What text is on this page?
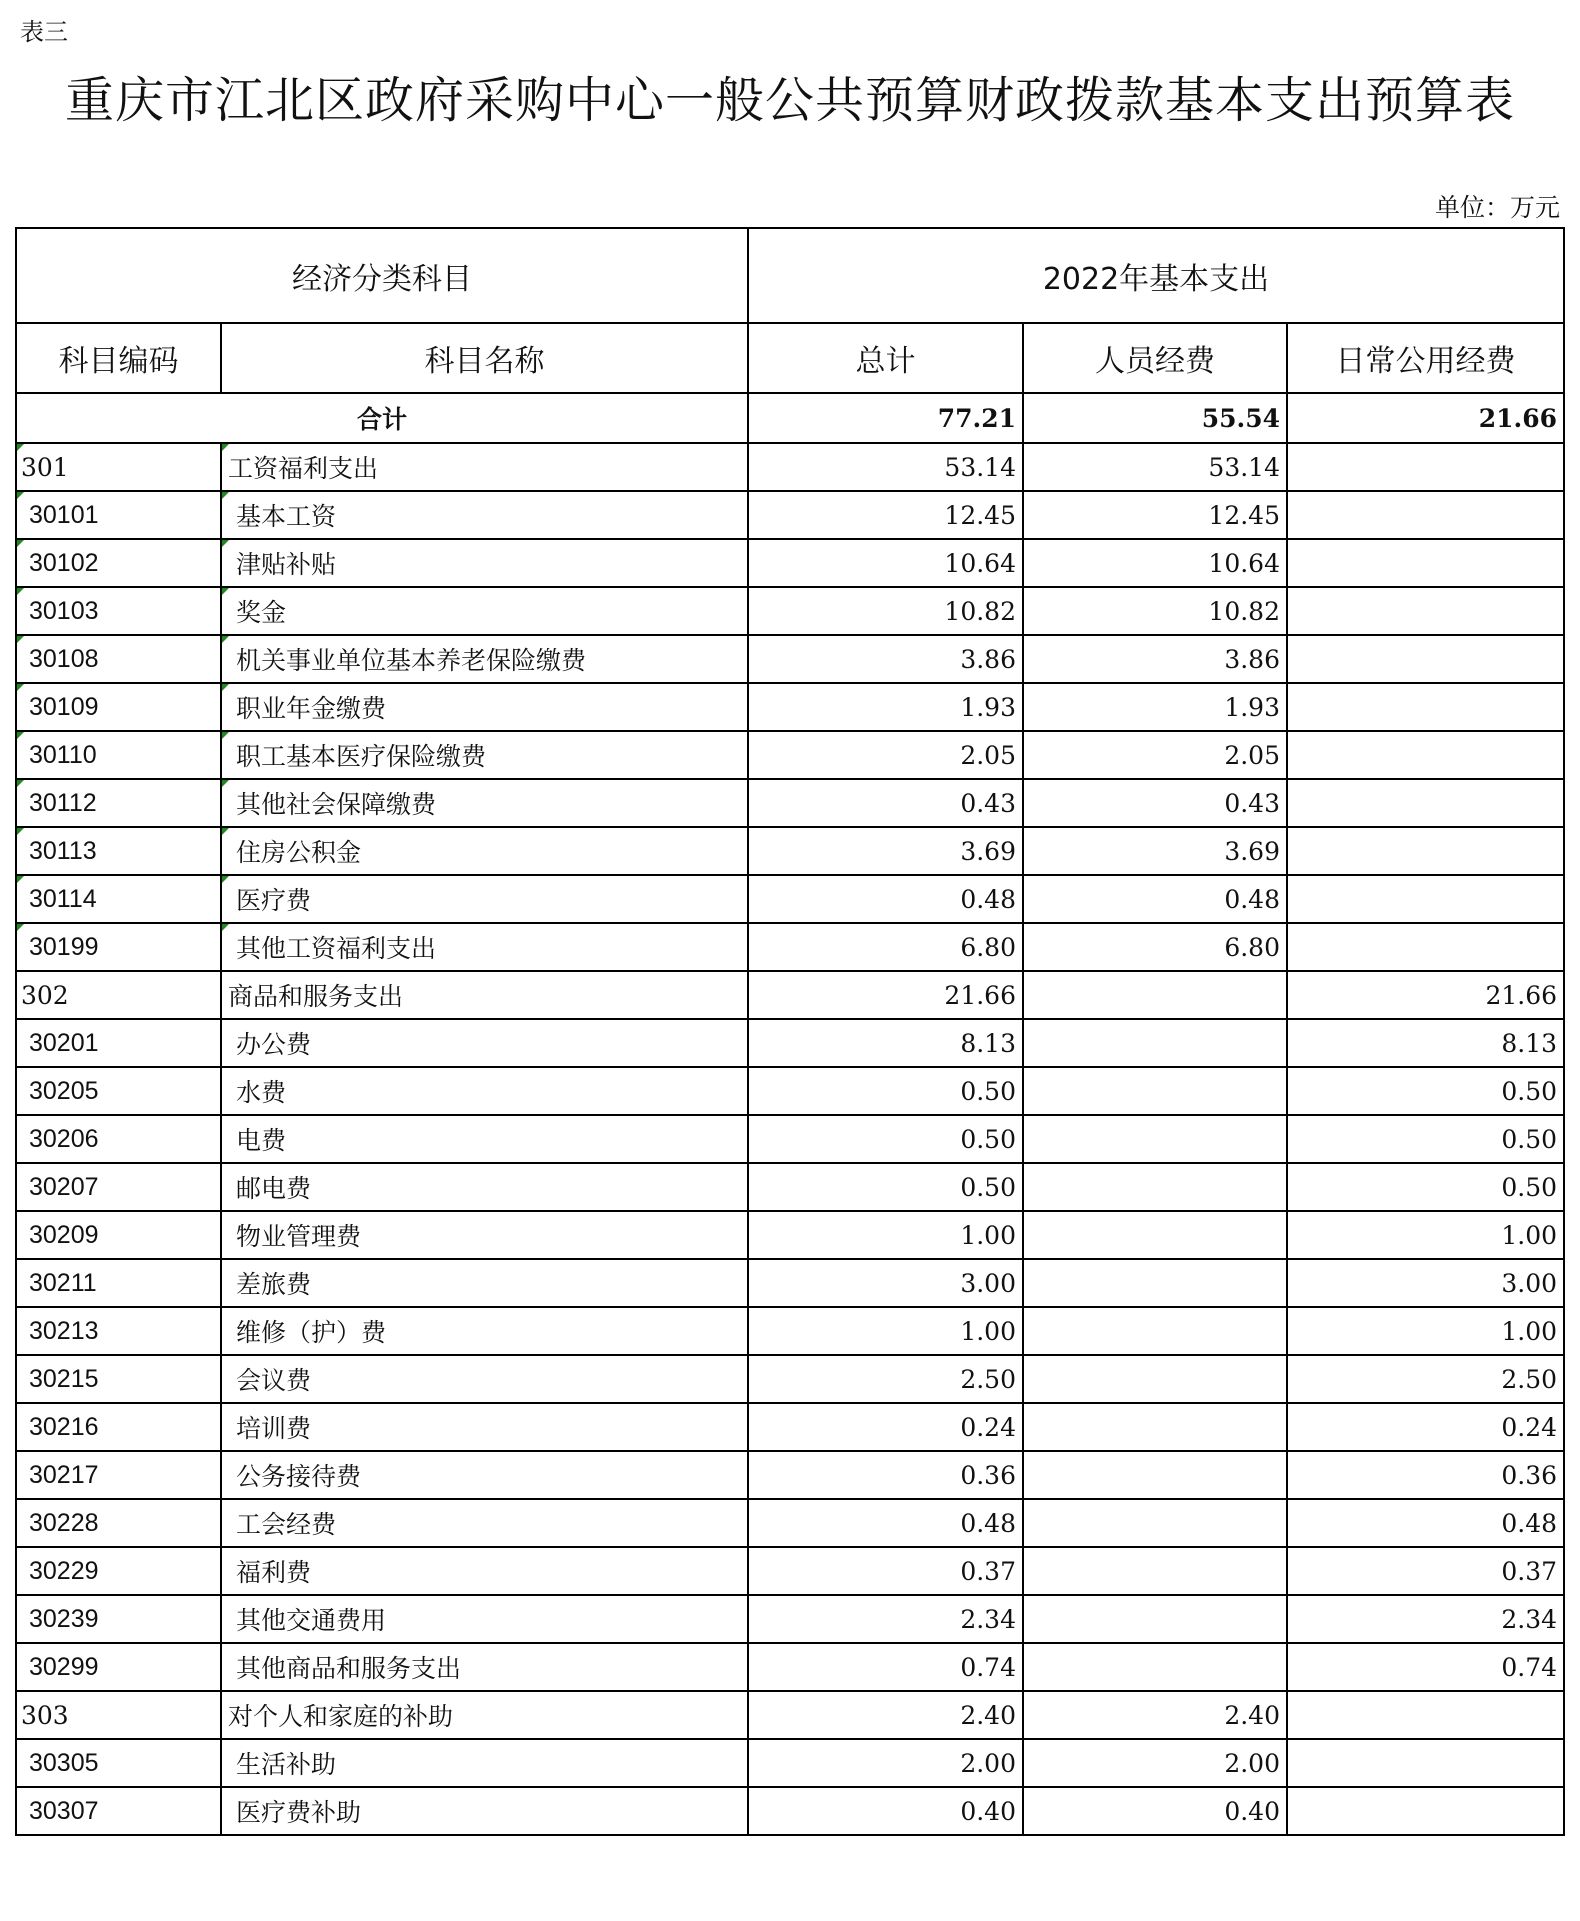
表三
重庆市江北区政府采购中心一般公共预算财政拨款基本支出预算表
单位：万元
经济分类科目		2022年基本支出		
科目编码	科目名称	总计	人员经费	日常公用经费
合计		77.21	55.54	21.66
301	工资福利支出	53.14	53.14	
30101	基本工资	12.45	12.45	
30102	津贴补贴	10.64	10.64	
30103	奖金	10.82	10.82	
30108	机关事业单位基本养老保险缴费	3.86	3.86	
30109	职业年金缴费	1.93	1.93	
30110	职工基本医疗保险缴费	2.05	2.05	
30112	其他社会保障缴费	0.43	0.43	
30113	住房公积金	3.69	3.69	
30114	医疗费	0.48	0.48	
30199	其他工资福利支出	6.80	6.80	
302	商品和服务支出	21.66		21.66
30201	办公费	8.13		8.13
30205	水费	0.50		0.50
30206	电费	0.50		0.50
30207	邮电费	0.50		0.50
30209	物业管理费	1.00		1.00
30211	差旅费	3.00		3.00
30213	维修（护）费	1.00		1.00
30215	会议费	2.50		2.50
30216	培训费	0.24		0.24
30217	公务接待费	0.36		0.36
30228	工会经费	0.48		0.48
30229	福利费	0.37		0.37
30239	其他交通费用	2.34		2.34
30299	其他商品和服务支出	0.74		0.74
303	对个人和家庭的补助	2.40	2.40	
30305	生活补助	2.00	2.00	
30307	医疗费补助	0.40	0.40	
